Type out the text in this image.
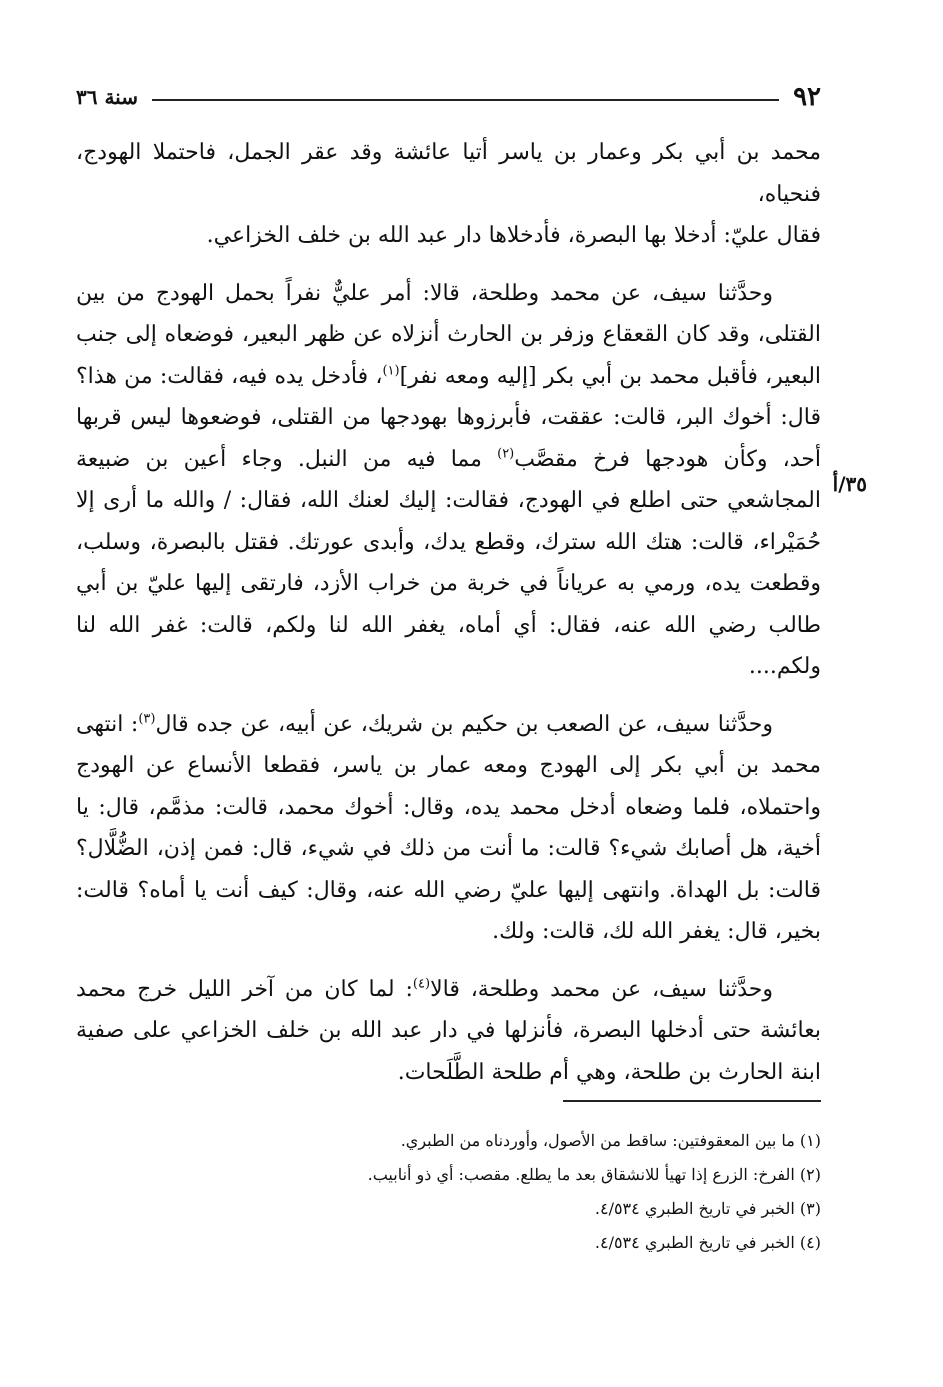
٩٢
سنة ٣٦
٣٥/أ

محمد بن أبي بكر وعمار بن ياسر أتيا عائشة وقد عقر الجمل، فاحتملا الهودج، فنحياه،
فقال عليّ: أدخلا بها البصرة، فأدخلاها دار عبد الله بن خلف الخزاعي.

وحدَّثنا سيف، عن محمد وطلحة، قالا: أمر عليٌّ نفراً بحمل الهودج من بين القتلى، وقد كان القعقاع وزفر بن الحارث أنزلاه عن ظهر البعير، فوضعاه إلى جنب البعير، فأقبل محمد بن أبي بكر [إليه ومعه نفر]$^{(١)}$، فأدخل يده فيه، فقالت: من هذا؟ قال: أخوك البر، قالت: عققت، فأبرزوها بهودجها من القتلى، فوضعوها ليس قربها أحد، وكأن هودجها فرخ مقصَّب$^{(٢)}$ مما فيه من النبل. وجاء أعين بن ضبيعة المجاشعي حتى اطلع في الهودج، فقالت: إليك لعنك الله، فقال: / والله ما أرى إلا حُمَيْراء، قالت: هتك الله سترك، وقطع يدك، وأبدى عورتك. فقتل بالبصرة، وسلب، وقطعت يده، ورمي به عرياناً في خربة من خراب الأزد، فارتقى إليها عليّ بن أبي طالب رضي الله عنه، فقال: أي أماه، يغفر الله لنا ولكم، قالت: غفر الله لنا ولكم....

وحدَّثنا سيف، عن الصعب بن حكيم بن شريك، عن أبيه، عن جده قال$^{(٣)}$: انتهى محمد بن أبي بكر إلى الهودج ومعه عمار بن ياسر، فقطعا الأنساع عن الهودج واحتملاه، فلما وضعاه أدخل محمد يده، وقال: أخوك محمد، قالت: مذمَّم، قال: يا أخية، هل أصابك شيء؟ قالت: ما أنت من ذلك في شيء، قال: فمن إذن، الضُّلَّال؟ قالت: بل الهداة. وانتهى إليها عليّ رضي الله عنه، وقال: كيف أنت يا أماه؟ قالت: بخير، قال: يغفر الله لك، قالت: ولك.

وحدَّثنا سيف، عن محمد وطلحة، قالا$^{(٤)}$: لما كان من آخر الليل خرج محمد بعائشة حتى أدخلها البصرة، فأنزلها في دار عبد الله بن خلف الخزاعي على صفية ابنة الحارث بن طلحة، وهي أم طلحة الطَّلَحات.

(١) ما بين المعقوفتين: ساقط من الأصول، وأوردناه من الطبري.

(٢) الفرخ: الزرع إذا تهيأ للانشقاق بعد ما يطلع. مقصب: أي ذو أنابيب.

(٣) الخبر في تاريخ الطبري ٤/٥٣٤.

(٤) الخبر في تاريخ الطبري ٤/٥٣٤.
